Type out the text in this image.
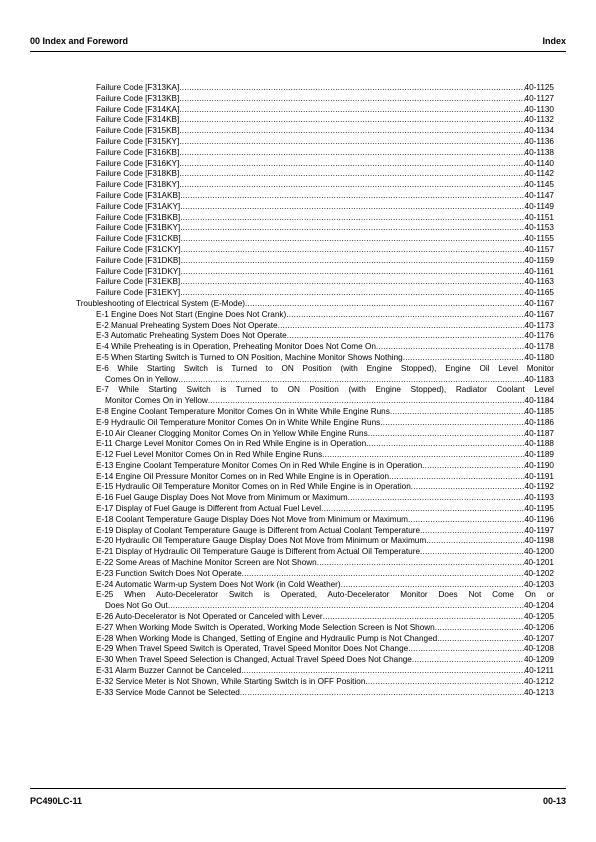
00 Index and Foreword	Index
Failure Code [F313KA] .....	40-1125
Failure Code [F313KB] .....	40-1127
Failure Code [F314KA] .....	40-1130
Failure Code [F314KB] .....	40-1132
Failure Code [F315KB] .....	40-1134
Failure Code [F315KY] .....	40-1136
Failure Code [F316KB] .....	40-1138
Failure Code [F316KY] .....	40-1140
Failure Code [F318KB] .....	40-1142
Failure Code [F318KY] .....	40-1145
Failure Code [F31AKB] .....	40-1147
Failure Code [F31AKY] .....	40-1149
Failure Code [F31BKB] .....	40-1151
Failure Code [F31BKY] .....	40-1153
Failure Code [F31CKB] .....	40-1155
Failure Code [F31CKY] .....	40-1157
Failure Code [F31DKB] .....	40-1159
Failure Code [F31DKY] .....	40-1161
Failure Code [F31EKB] .....	40-1163
Failure Code [F31EKY] .....	40-1165
Troubleshooting of Electrical System (E-Mode) .....	40-1167
E-1 Engine Does Not Start (Engine Does Not Crank) .....	40-1167
E-2 Manual Preheating System Does Not Operate .....	40-1173
E-3 Automatic Preheating System Does Not Operate .....	40-1176
E-4 While Preheating is in Operation, Preheating Monitor Does Not Come On .....	40-1178
E-5 When Starting Switch is Turned to ON Position, Machine Monitor Shows Nothing .....	40-1180
E-6 While Starting Switch is Turned to ON Position (with Engine Stopped), Engine Oil Level Monitor
Comes On in Yellow .....	40-1183
E-7 While Starting Switch is Turned to ON Position (with Engine Stopped), Radiator Coolant Level
Monitor Comes On in Yellow .....	40-1184
E-8 Engine Coolant Temperature Monitor Comes On in White While Engine Runs .....	40-1185
E-9 Hydraulic Oil Temperature Monitor Comes On in White While Engine Runs .....	40-1186
E-10 Air Cleaner Clogging Monitor Comes On in Yellow While Engine Runs .....	40-1187
E-11 Charge Level Monitor Comes On in Red While Engine is in Operation .....	40-1188
E-12 Fuel Level Monitor Comes On in Red While Engine Runs .....	40-1189
E-13 Engine Coolant Temperature Monitor Comes On in Red While Engine is in Operation .....	40-1190
E-14 Engine Oil Pressure Monitor Comes on in Red While Engine is in Operation .....	40-1191
E-15 Hydraulic Oil Temperature Monitor Comes on in Red While Engine is in Operation .....	40-1192
E-16 Fuel Gauge Display Does Not Move from Minimum or Maximum .....	40-1193
E-17 Display of Fuel Gauge is Different from Actual Fuel Level .....	40-1195
E-18 Coolant Temperature Gauge Display Does Not Move from Minimum or Maximum .....	40-1196
E-19 Display of Coolant Temperature Gauge is Different from Actual Coolant Temperature .....	40-1197
E-20 Hydraulic Oil Temperature Gauge Display Does Not Move from Minimum or Maximum .....	40-1198
E-21 Display of Hydraulic Oil Temperature Gauge is Different from Actual Oil Temperature .....	40-1200
E-22 Some Areas of Machine Monitor Screen are Not Shown .....	40-1201
E-23 Function Switch Does Not Operate .....	40-1202
E-24 Automatic Warm-up System Does Not Work (in Cold Weather) .....	40-1203
E-25 When Auto-Decelerator Switch is Operated, Auto-Decelerator Monitor Does Not Come On or
Does Not Go Out .....	40-1204
E-26 Auto-Decelerator is Not Operated or Canceled with Lever .....	40-1205
E-27 When Working Mode Switch is Operated, Working Mode Selection Screen is Not Shown .....	40-1206
E-28 When Working Mode is Changed, Setting of Engine and Hydraulic Pump is Not Changed .....	40-1207
E-29 When Travel Speed Switch is Operated, Travel Speed Monitor Does Not Change .....	40-1208
E-30 When Travel Speed Selection is Changed, Actual Travel Speed Does Not Change .....	40-1209
E-31 Alarm Buzzer Cannot be Canceled .....	40-1211
E-32 Service Meter is Not Shown, While Starting Switch is in OFF Position .....	40-1212
E-33 Service Mode Cannot be Selected .....	40-1213
PC490LC-11	00-13
